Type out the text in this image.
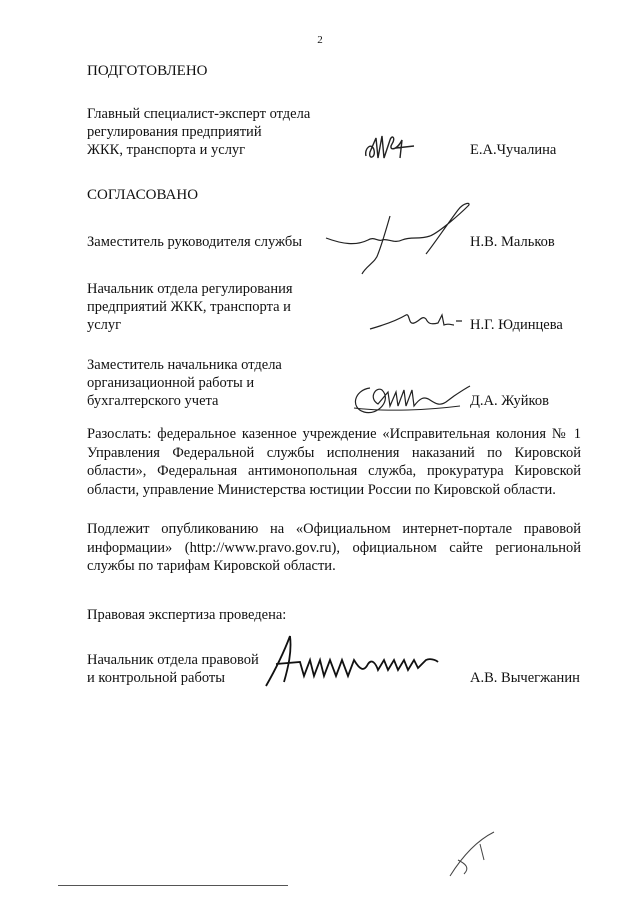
2
ПОДГОТОВЛЕНО
Главный специалист-эксперт отдела
регулирования предприятий
ЖКК, транспорта и услуг	Е.А.Чучалина
СОГЛАСОВАНО
Заместитель руководителя службы	Н.В. Мальков
Начальник отдела регулирования
предприятий ЖКК, транспорта и
услуг	Н.Г. Юдинцева
Заместитель начальника отдела
организационной работы и
бухгалтерского учета	Д.А. Жуйков

Разослать: федеральное казенное учреждение «Исправительная колония № 1 Управления Федеральной службы исполнения наказаний по Кировской области», Федеральная антимонопольная служба, прокуратура Кировской области, управление Министерства юстиции России по Кировской области.

Подлежит опубликованию на «Официальном интернет-портале правовой информации» (http://www.pravo.gov.ru), официальном сайте региональной службы по тарифам Кировской области.

Правовая экспертиза проведена:
Начальник отдела правовой
и контрольной работы	А.В. Вычегжанин
